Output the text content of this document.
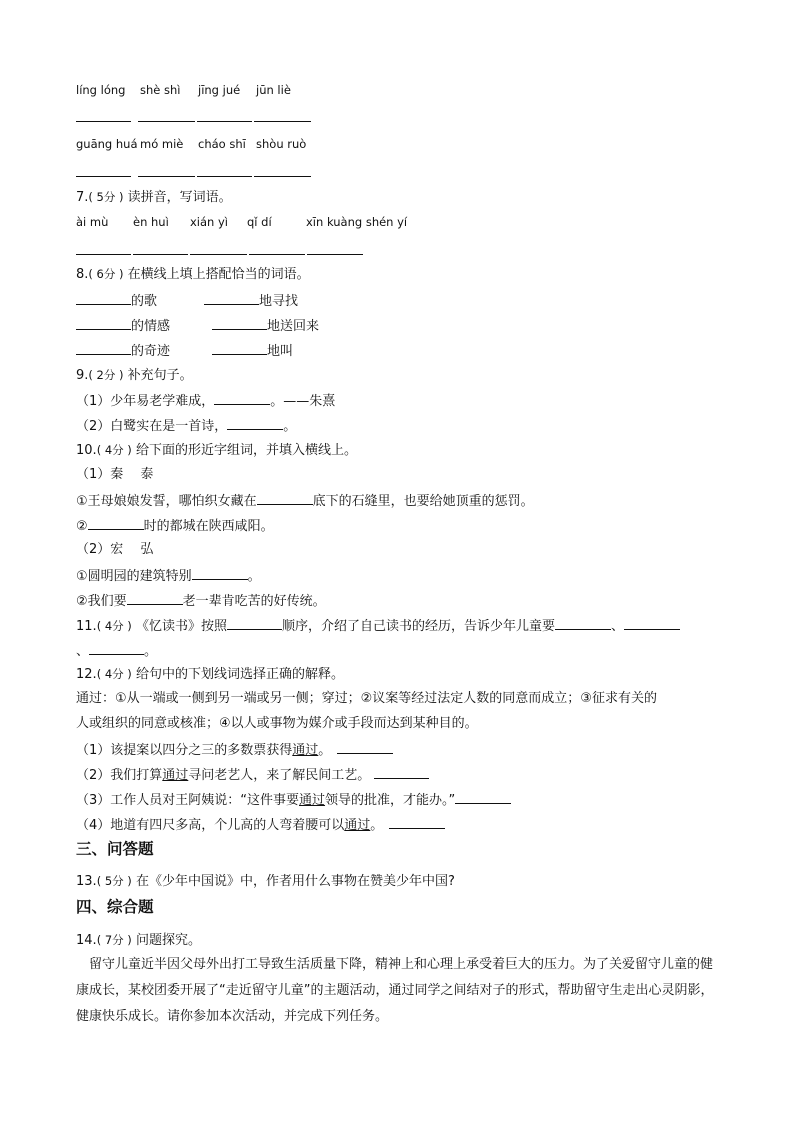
líng lóng shè shì jīng jué jūn liè
guāng huá mó miè cháo shī shòu ruò
7.( 5分 ) 读拼音，写词语。
ài mù èn huì xián yì qǐ dí	xīn kuàng shén yí
8.( 6分 ) 在横线上填上搭配恰当的词语。
的歌	地寻找
的情感	地送回来
的奇迹	地叫
9.( 2分 ) 补充句子。
（1）少年易老学难成，	。——朱熹
（2）白鹭实在是一首诗，	。
10.( 4分 ) 给下面的形近字组词，并填入横线上。
（1）秦　 泰
①王母娘娘发誓，哪怕织女藏在	底下的石缝里，也要给她顶重的惩罚。
②	时的都城在陕西咸阳。
（2）宏　 弘
①圆明园的建筑特别	。
②我们要	老一辈肯吃苦的好传统。
11.( 4分 ) 《忆读书》按照	顺序，介绍了自己读书的经历，告诉少年儿童要	、
、	。
12.( 4分 ) 给句中的下划线词选择正确的解释。
通过：①从一端或一侧到另一端或另一侧；穿过；②议案等经过法定人数的同意而成立；③征求有关的
人或组织的同意或核准；④以人或事物为媒介或手段而达到某种目的。
（1）该提案以四分之三的多数票获得通过。
（2）我们打算通过寻问老艺人，来了解民间工艺。
（3）工作人员对王阿姨说：“这件事要通过领导的批准，才能办。”
（4）地道有四尺多高，个儿高的人弯着腰可以通过。
三、问答题
13.( 5分 ) 在《少年中国说》中，作者用什么事物在赞美少年中国?
四、综合题
14.( 7分 ) 问题探究。
留守儿童近半因父母外出打工导致生活质量下降，精神上和心理上承受着巨大的压力。为了关爱留守儿童的健康成长，某校团委开展了“走近留守儿童”的主题活动，通过同学之间结对子的形式，帮助留守生走出心灵阴影，健康快乐成长。请你参加本次活动，并完成下列任务。
